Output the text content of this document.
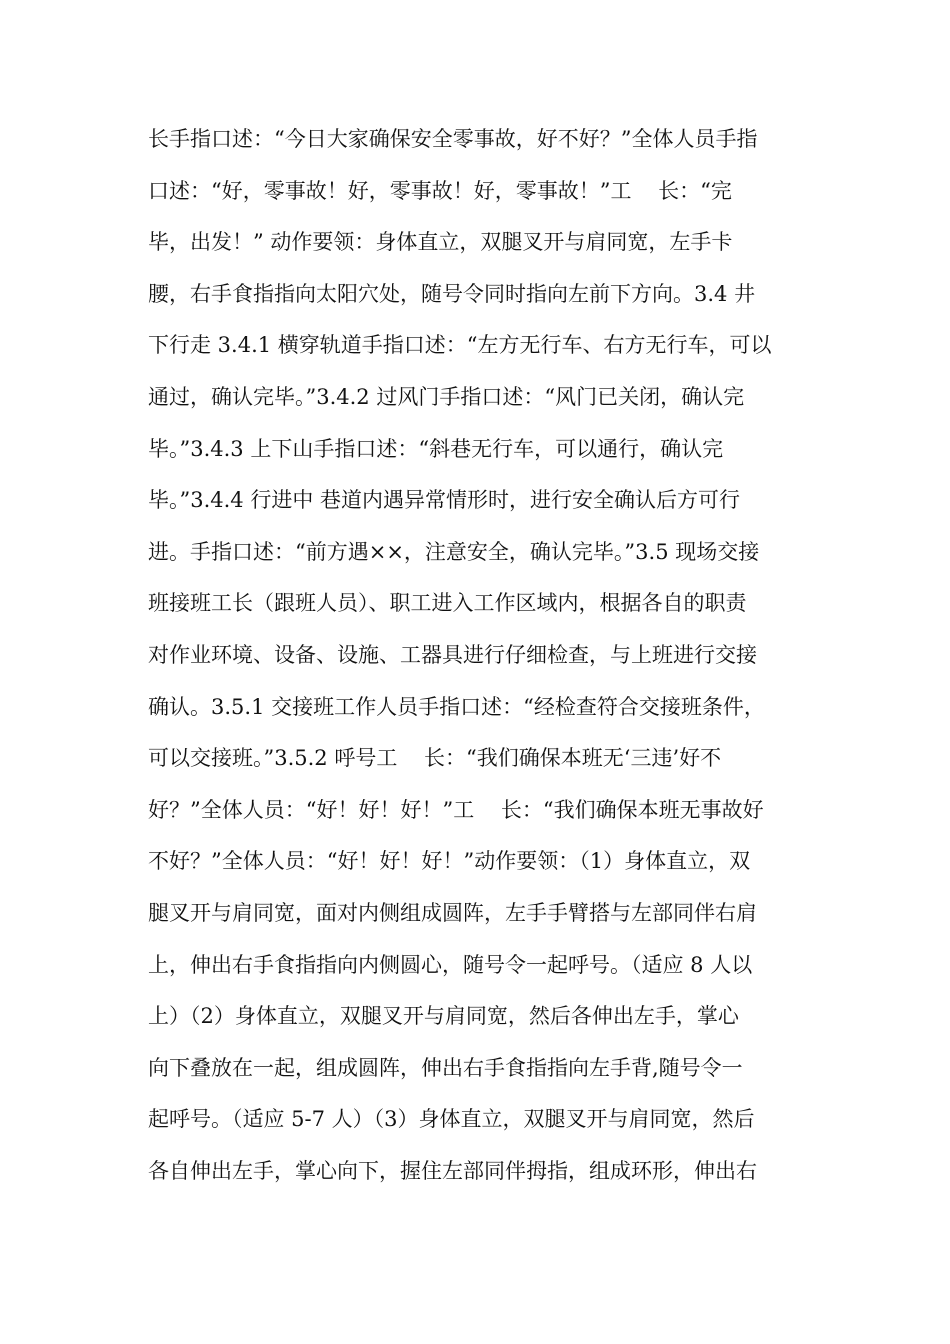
长手指口述：“今日大家确保安全零事故，好不好？”全体人员手指
口述：“好，零事故！好，零事故！好，零事故！”工    长：“完
毕，出发！” 动作要领：身体直立，双腿叉开与肩同宽，左手卡
腰，右手食指指向太阳穴处，随号令同时指向左前下方向。3.4 井
下行走 3.4.1 横穿轨道手指口述：“左方无行车、右方无行车，可以
通过，确认完毕。”3.4.2 过风门手指口述：“风门已关闭，确认完
毕。”3.4.3 上下山手指口述：“斜巷无行车，可以通行，确认完
毕。”3.4.4 行进中 巷道内遇异常情形时，进行安全确认后方可行
进。手指口述：“前方遇××，注意安全，确认完毕。”3.5 现场交接
班接班工长（跟班人员）、职工进入工作区域内，根据各自的职责
对作业环境、设备、设施、工器具进行仔细检查，与上班进行交接
确认。3.5.1 交接班工作人员手指口述：“经检查符合交接班条件，
可以交接班。”3.5.2 呼号工    长：“我们确保本班无‘三违’好不
好？”全体人员：“好！好！好！”工    长：“我们确保本班无事故好
不好？”全体人员：“好！好！好！”动作要领：（1）身体直立，双
腿叉开与肩同宽，面对内侧组成圆阵，左手手臂搭与左部同伴右肩
上，伸出右手食指指向内侧圆心，随号令一起呼号。（适应 8 人以
上）（2）身体直立，双腿叉开与肩同宽，然后各伸出左手，掌心
向下叠放在一起，组成圆阵，伸出右手食指指向左手背,随号令一
起呼号。（适应 5-7 人）（3）身体直立，双腿叉开与肩同宽，然后
各自伸出左手，掌心向下，握住左部同伴拇指，组成环形，伸出右
